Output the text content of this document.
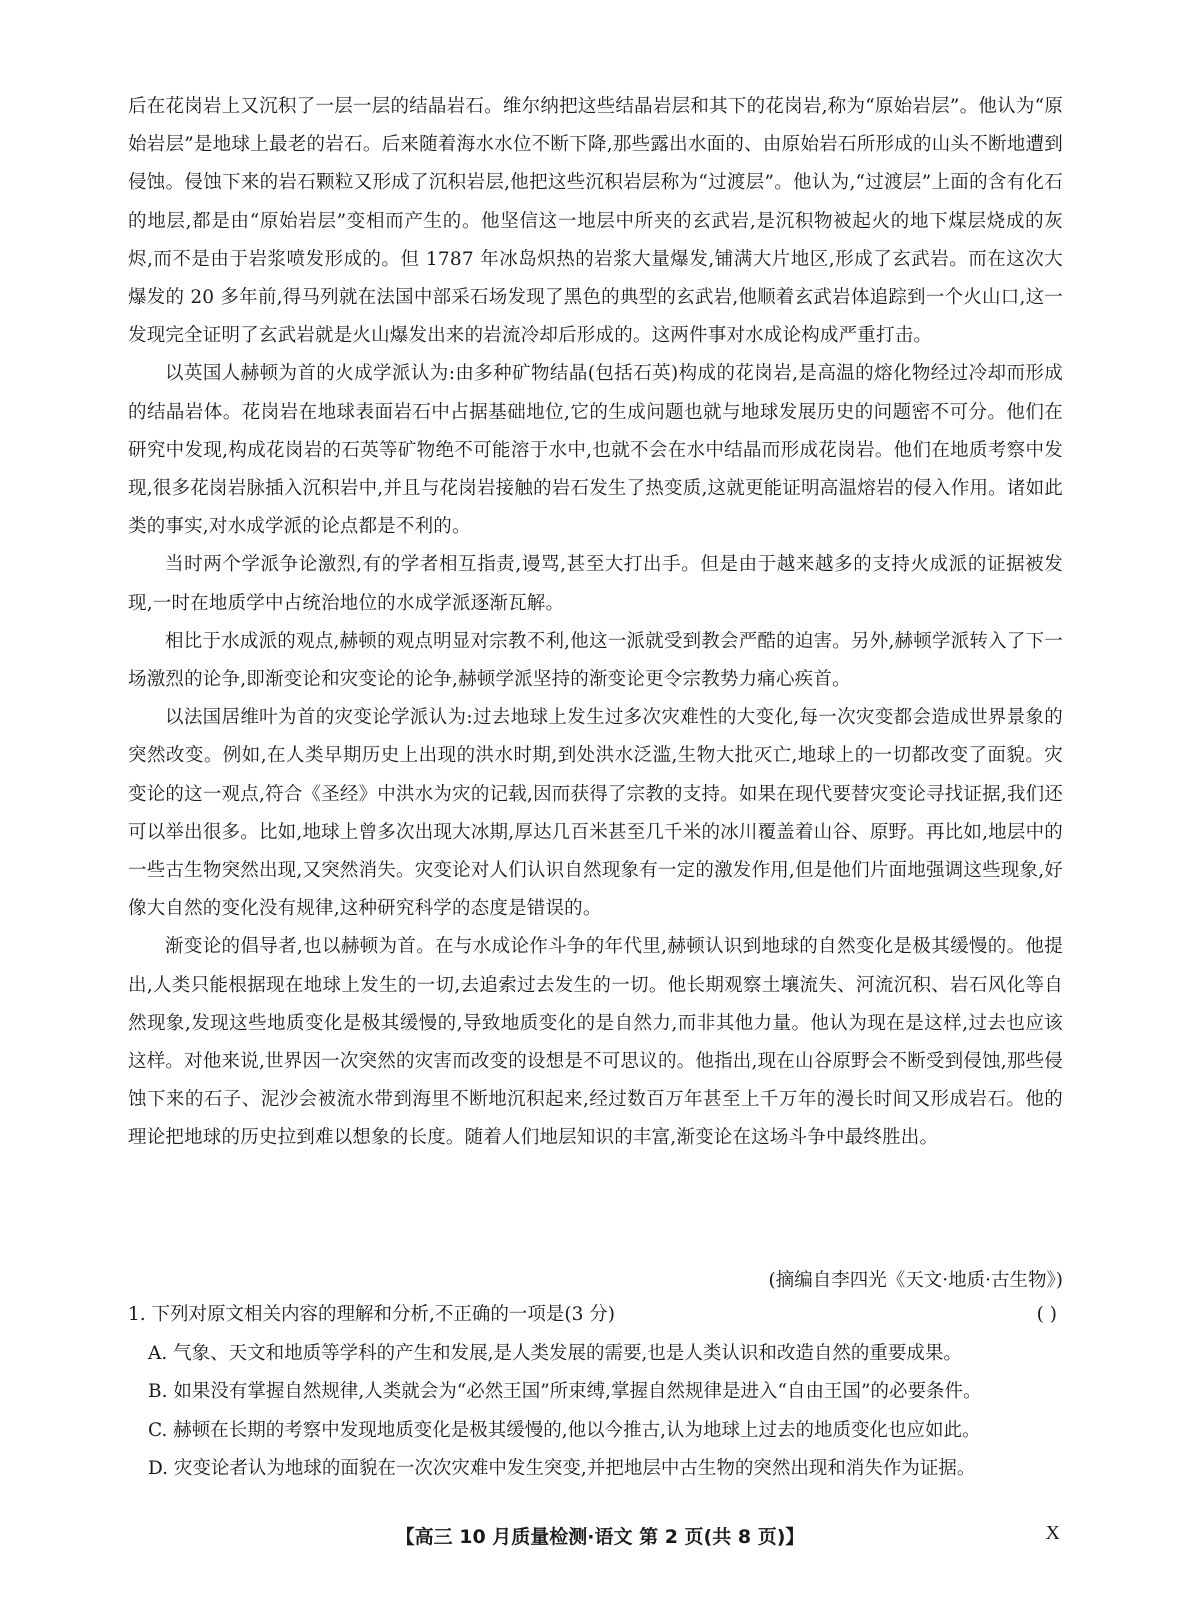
后在花岗岩上又沉积了一层一层的结晶岩石。维尔纳把这些结晶岩层和其下的花岗岩,称为“原始岩层”。他认为“原始岩层”是地球上最老的岩石。后来随着海水水位不断下降,那些露出水面的、由原始岩石所形成的山头不断地遭到侵蚀。侵蚀下来的岩石颗粒又形成了沉积岩层,他把这些沉积岩层称为“过渡层”。他认为,“过渡层”上面的含有化石的地层,都是由“原始岩层”变相而产生的。他坚信这一地层中所夹的玄武岩,是沉积物被起火的地下煤层烧成的灰烬,而不是由于岩浆喷发形成的。但 1787 年冰岛炽热的岩浆大量爆发,铺满大片地区,形成了玄武岩。而在这次大爆发的 20 多年前,得马列就在法国中部采石场发现了黑色的典型的玄武岩,他顺着玄武岩体追踪到一个火山口,这一发现完全证明了玄武岩就是火山爆发出来的岩流冷却后形成的。这两件事对水成论构成严重打击。

以英国人赫顿为首的火成学派认为:由多种矿物结晶(包括石英)构成的花岗岩,是高温的熔化物经过冷却而形成的结晶岩体。花岗岩在地球表面岩石中占据基础地位,它的生成问题也就与地球发展历史的问题密不可分。他们在研究中发现,构成花岗岩的石英等矿物绝不可能溶于水中,也就不会在水中结晶而形成花岗岩。他们在地质考察中发现,很多花岗岩脉插入沉积岩中,并且与花岗岩接触的岩石发生了热变质,这就更能证明高温熔岩的侵入作用。诸如此类的事实,对水成学派的论点都是不利的。

当时两个学派争论激烈,有的学者相互指责,谩骂,甚至大打出手。但是由于越来越多的支持火成派的证据被发现,一时在地质学中占统治地位的水成学派逐渐瓦解。

相比于水成派的观点,赫顿的观点明显对宗教不利,他这一派就受到教会严酷的迫害。另外,赫顿学派转入了下一场激烈的论争,即渐变论和灾变论的论争,赫顿学派坚持的渐变论更令宗教势力痛心疾首。

以法国居维叶为首的灾变论学派认为:过去地球上发生过多次灾难性的大变化,每一次灾变都会造成世界景象的突然改变。例如,在人类早期历史上出现的洪水时期,到处洪水泛滥,生物大批灭亡,地球上的一切都改变了面貌。灾变论的这一观点,符合《圣经》中洪水为灾的记载,因而获得了宗教的支持。如果在现代要替灾变论寻找证据,我们还可以举出很多。比如,地球上曾多次出现大冰期,厚达几百米甚至几千米的冰川覆盖着山谷、原野。再比如,地层中的一些古生物突然出现,又突然消失。灾变论对人们认识自然现象有一定的激发作用,但是他们片面地强调这些现象,好像大自然的变化没有规律,这种研究科学的态度是错误的。

渐变论的倡导者,也以赫顿为首。在与水成论作斗争的年代里,赫顿认识到地球的自然变化是极其缓慢的。他提出,人类只能根据现在地球上发生的一切,去追索过去发生的一切。他长期观察土壤流失、河流沉积、岩石风化等自然现象,发现这些地质变化是极其缓慢的,导致地质变化的是自然力,而非其他力量。他认为现在是这样,过去也应该这样。对他来说,世界因一次突然的灾害而改变的设想是不可思议的。他指出,现在山谷原野会不断受到侵蚀,那些侵蚀下来的石子、泥沙会被流水带到海里不断地沉积起来,经过数百万年甚至上千万年的漫长时间又形成岩石。他的理论把地球的历史拉到难以想象的长度。随着人们地层知识的丰富,渐变论在这场斗争中最终胜出。

(摘编自李四光《天文·地质·古生物》)
1. 下列对原文相关内容的理解和分析,不正确的一项是(3 分)	( )
A. 气象、天文和地质等学科的产生和发展,是人类发展的需要,也是人类认识和改造自然的重要成果。
B. 如果没有掌握自然规律,人类就会为“必然王国”所束缚,掌握自然规律是进入“自由王国”的必要条件。
C. 赫顿在长期的考察中发现地质变化是极其缓慢的,他以今推古,认为地球上过去的地质变化也应如此。
D. 灾变论者认为地球的面貌在一次次灾难中发生突变,并把地层中古生物的突然出现和消失作为证据。
【高三 10 月质量检测·语文 第 2 页(共 8 页)】	X
